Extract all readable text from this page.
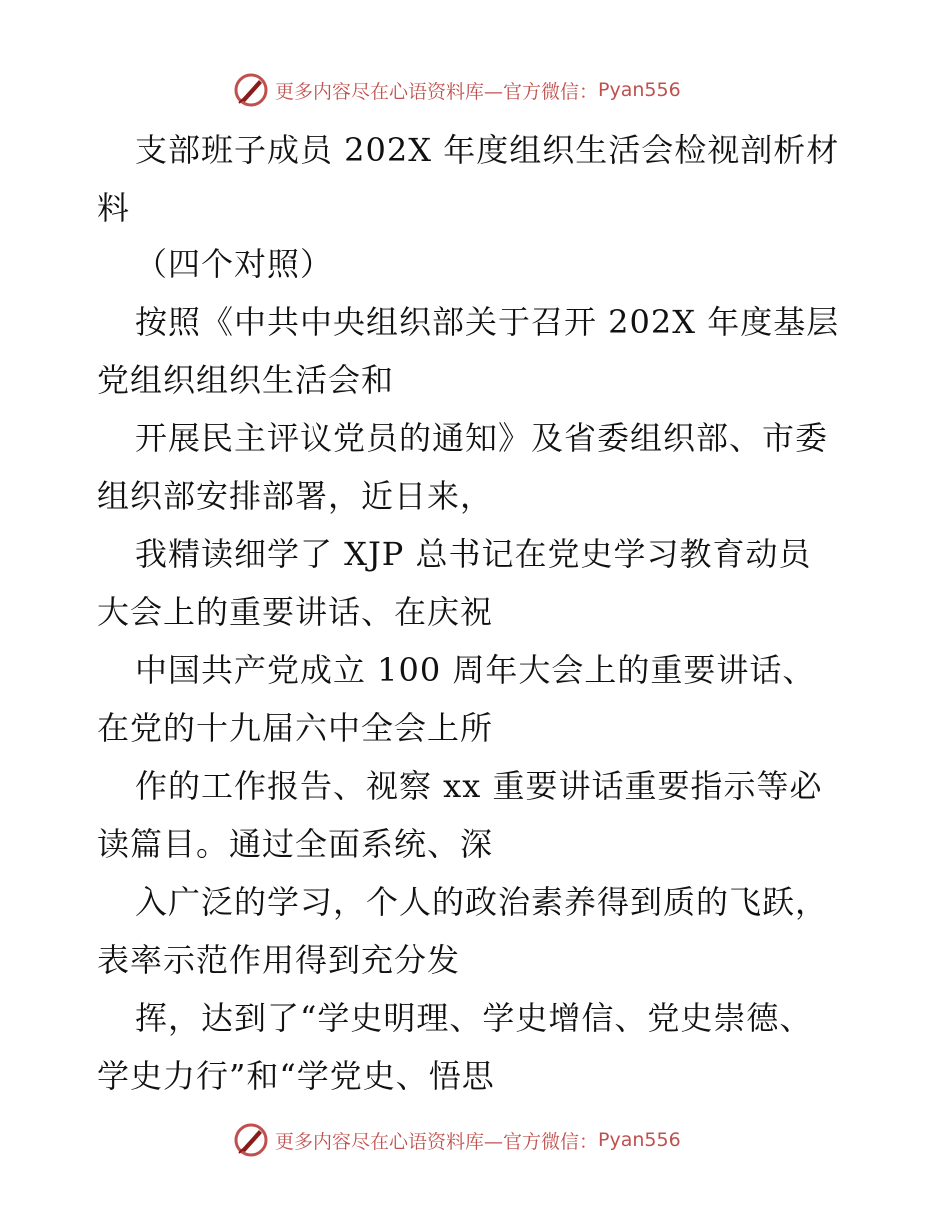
更多内容尽在心语资料库—官方微信： Pyan556
支部班子成员 202X 年度组织生活会检视剖析材
料
（四个对照）
按照《中共中央组织部关于召开 202X 年度基层
党组织组织生活会和
开展民主评议党员的通知》及省委组织部、市委
组织部安排部署，近日来，
我精读细学了 XJP 总书记在党史学习教育动员
大会上的重要讲话、在庆祝
中国共产党成立 100 周年大会上的重要讲话、
在党的十九届六中全会上所
作的工作报告、视察 xx 重要讲话重要指示等必
读篇目。通过全面系统、深
入广泛的学习，个人的政治素养得到质的飞跃，
表率示范作用得到充分发
挥，达到了“学史明理、学史增信、党史崇德、
学史力行”和“学党史、悟思
更多内容尽在心语资料库—官方微信： Pyan556
